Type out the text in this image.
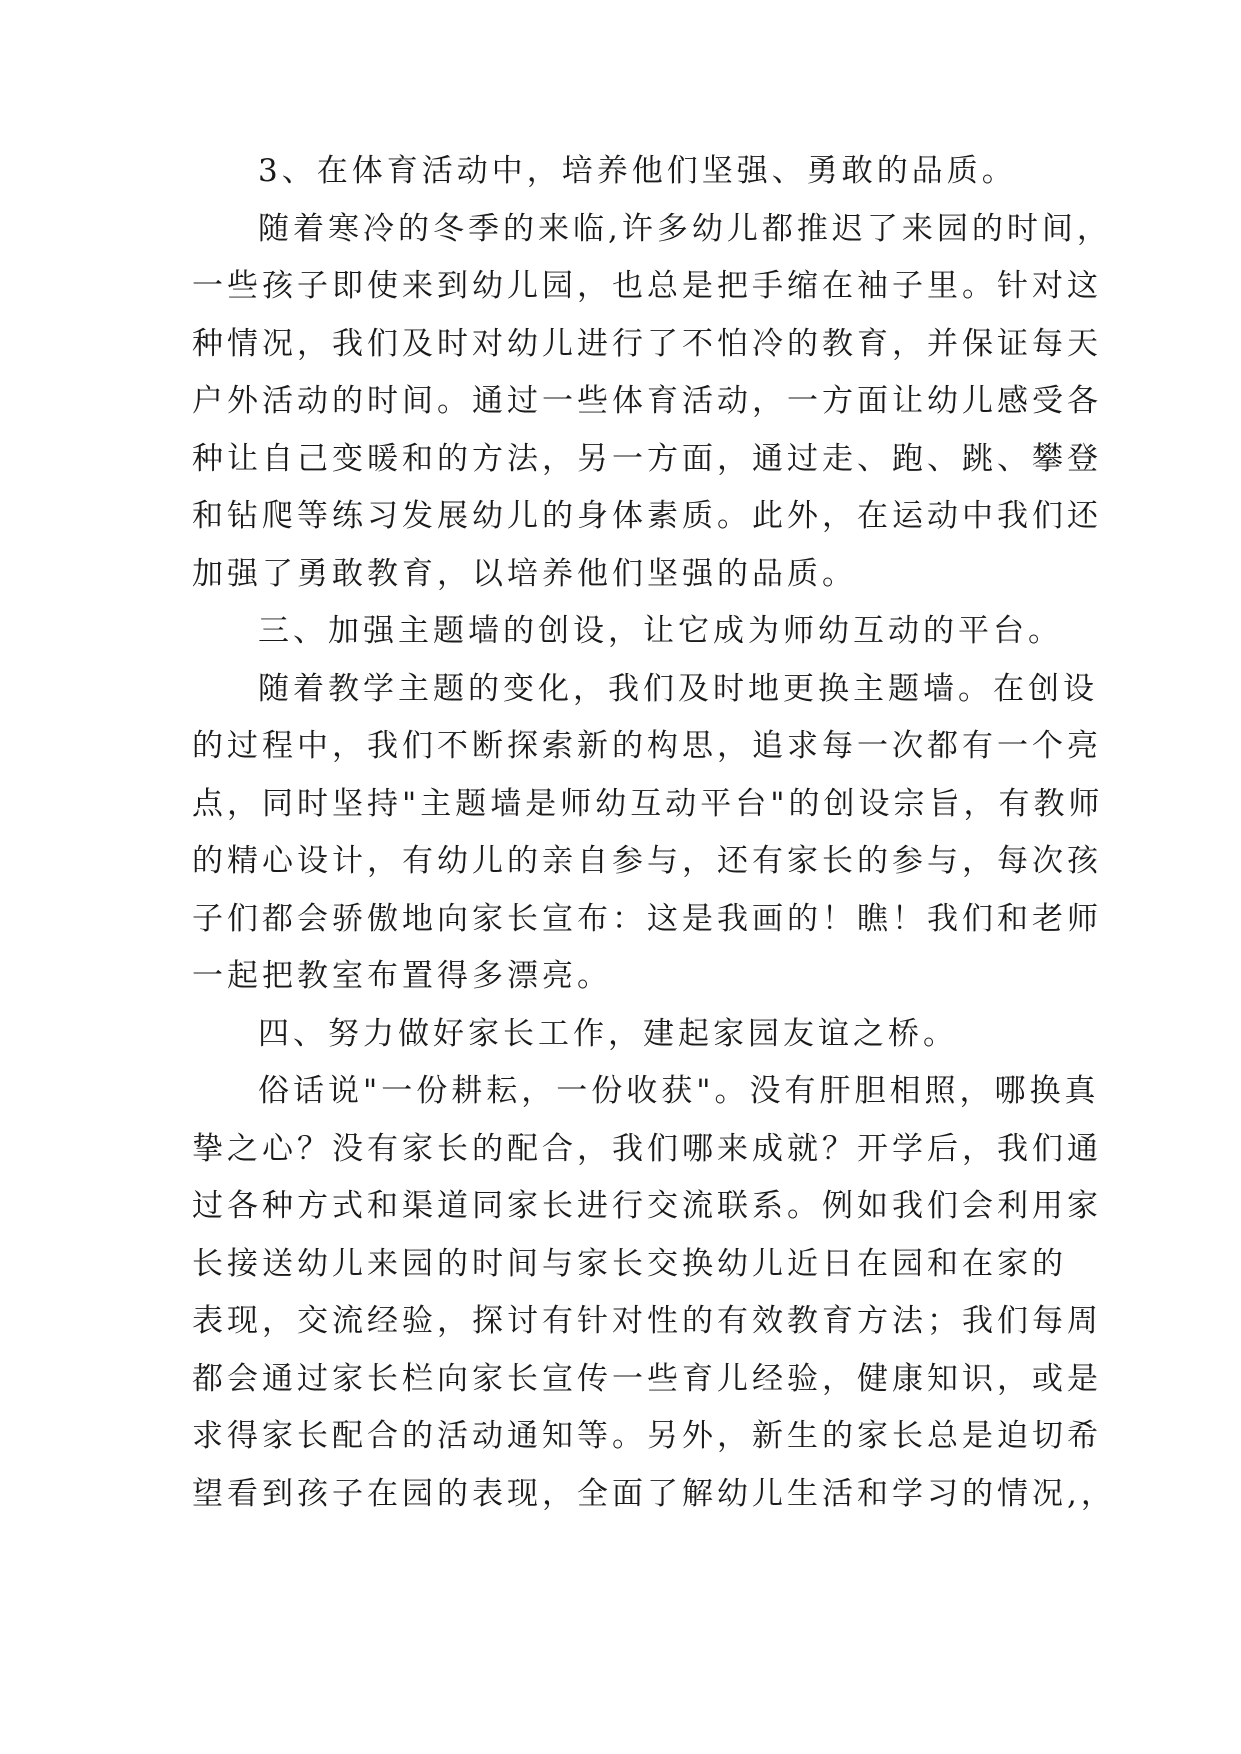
3、在体育活动中，培养他们坚强、勇敢的品质。
随着寒冷的冬季的来临,许多幼儿都推迟了来园的时间，
一些孩子即使来到幼儿园，也总是把手缩在袖子里。针对这
种情况，我们及时对幼儿进行了不怕冷的教育，并保证每天
户外活动的时间。通过一些体育活动，一方面让幼儿感受各
种让自己变暖和的方法，另一方面，通过走、跑、跳、攀登
和钻爬等练习发展幼儿的身体素质。此外，在运动中我们还
加强了勇敢教育，以培养他们坚强的品质。
三、加强主题墙的创设，让它成为师幼互动的平台。
随着教学主题的变化，我们及时地更换主题墙。在创设
的过程中，我们不断探索新的构思，追求每一次都有一个亮
点，同时坚持"主题墙是师幼互动平台"的创设宗旨，有教师
的精心设计，有幼儿的亲自参与，还有家长的参与，每次孩
子们都会骄傲地向家长宣布：这是我画的！瞧！我们和老师
一起把教室布置得多漂亮。
四、努力做好家长工作，建起家园友谊之桥。
俗话说"一份耕耘，一份收获"。没有肝胆相照，哪换真
挚之心？没有家长的配合，我们哪来成就？开学后，我们通
过各种方式和渠道同家长进行交流联系。例如我们会利用家
长接送幼儿来园的时间与家长交换幼儿近日在园和在家的
表现，交流经验，探讨有针对性的有效教育方法；我们每周
都会通过家长栏向家长宣传一些育儿经验，健康知识，或是
求得家长配合的活动通知等。另外，新生的家长总是迫切希
望看到孩子在园的表现，全面了解幼儿生活和学习的情况,，
